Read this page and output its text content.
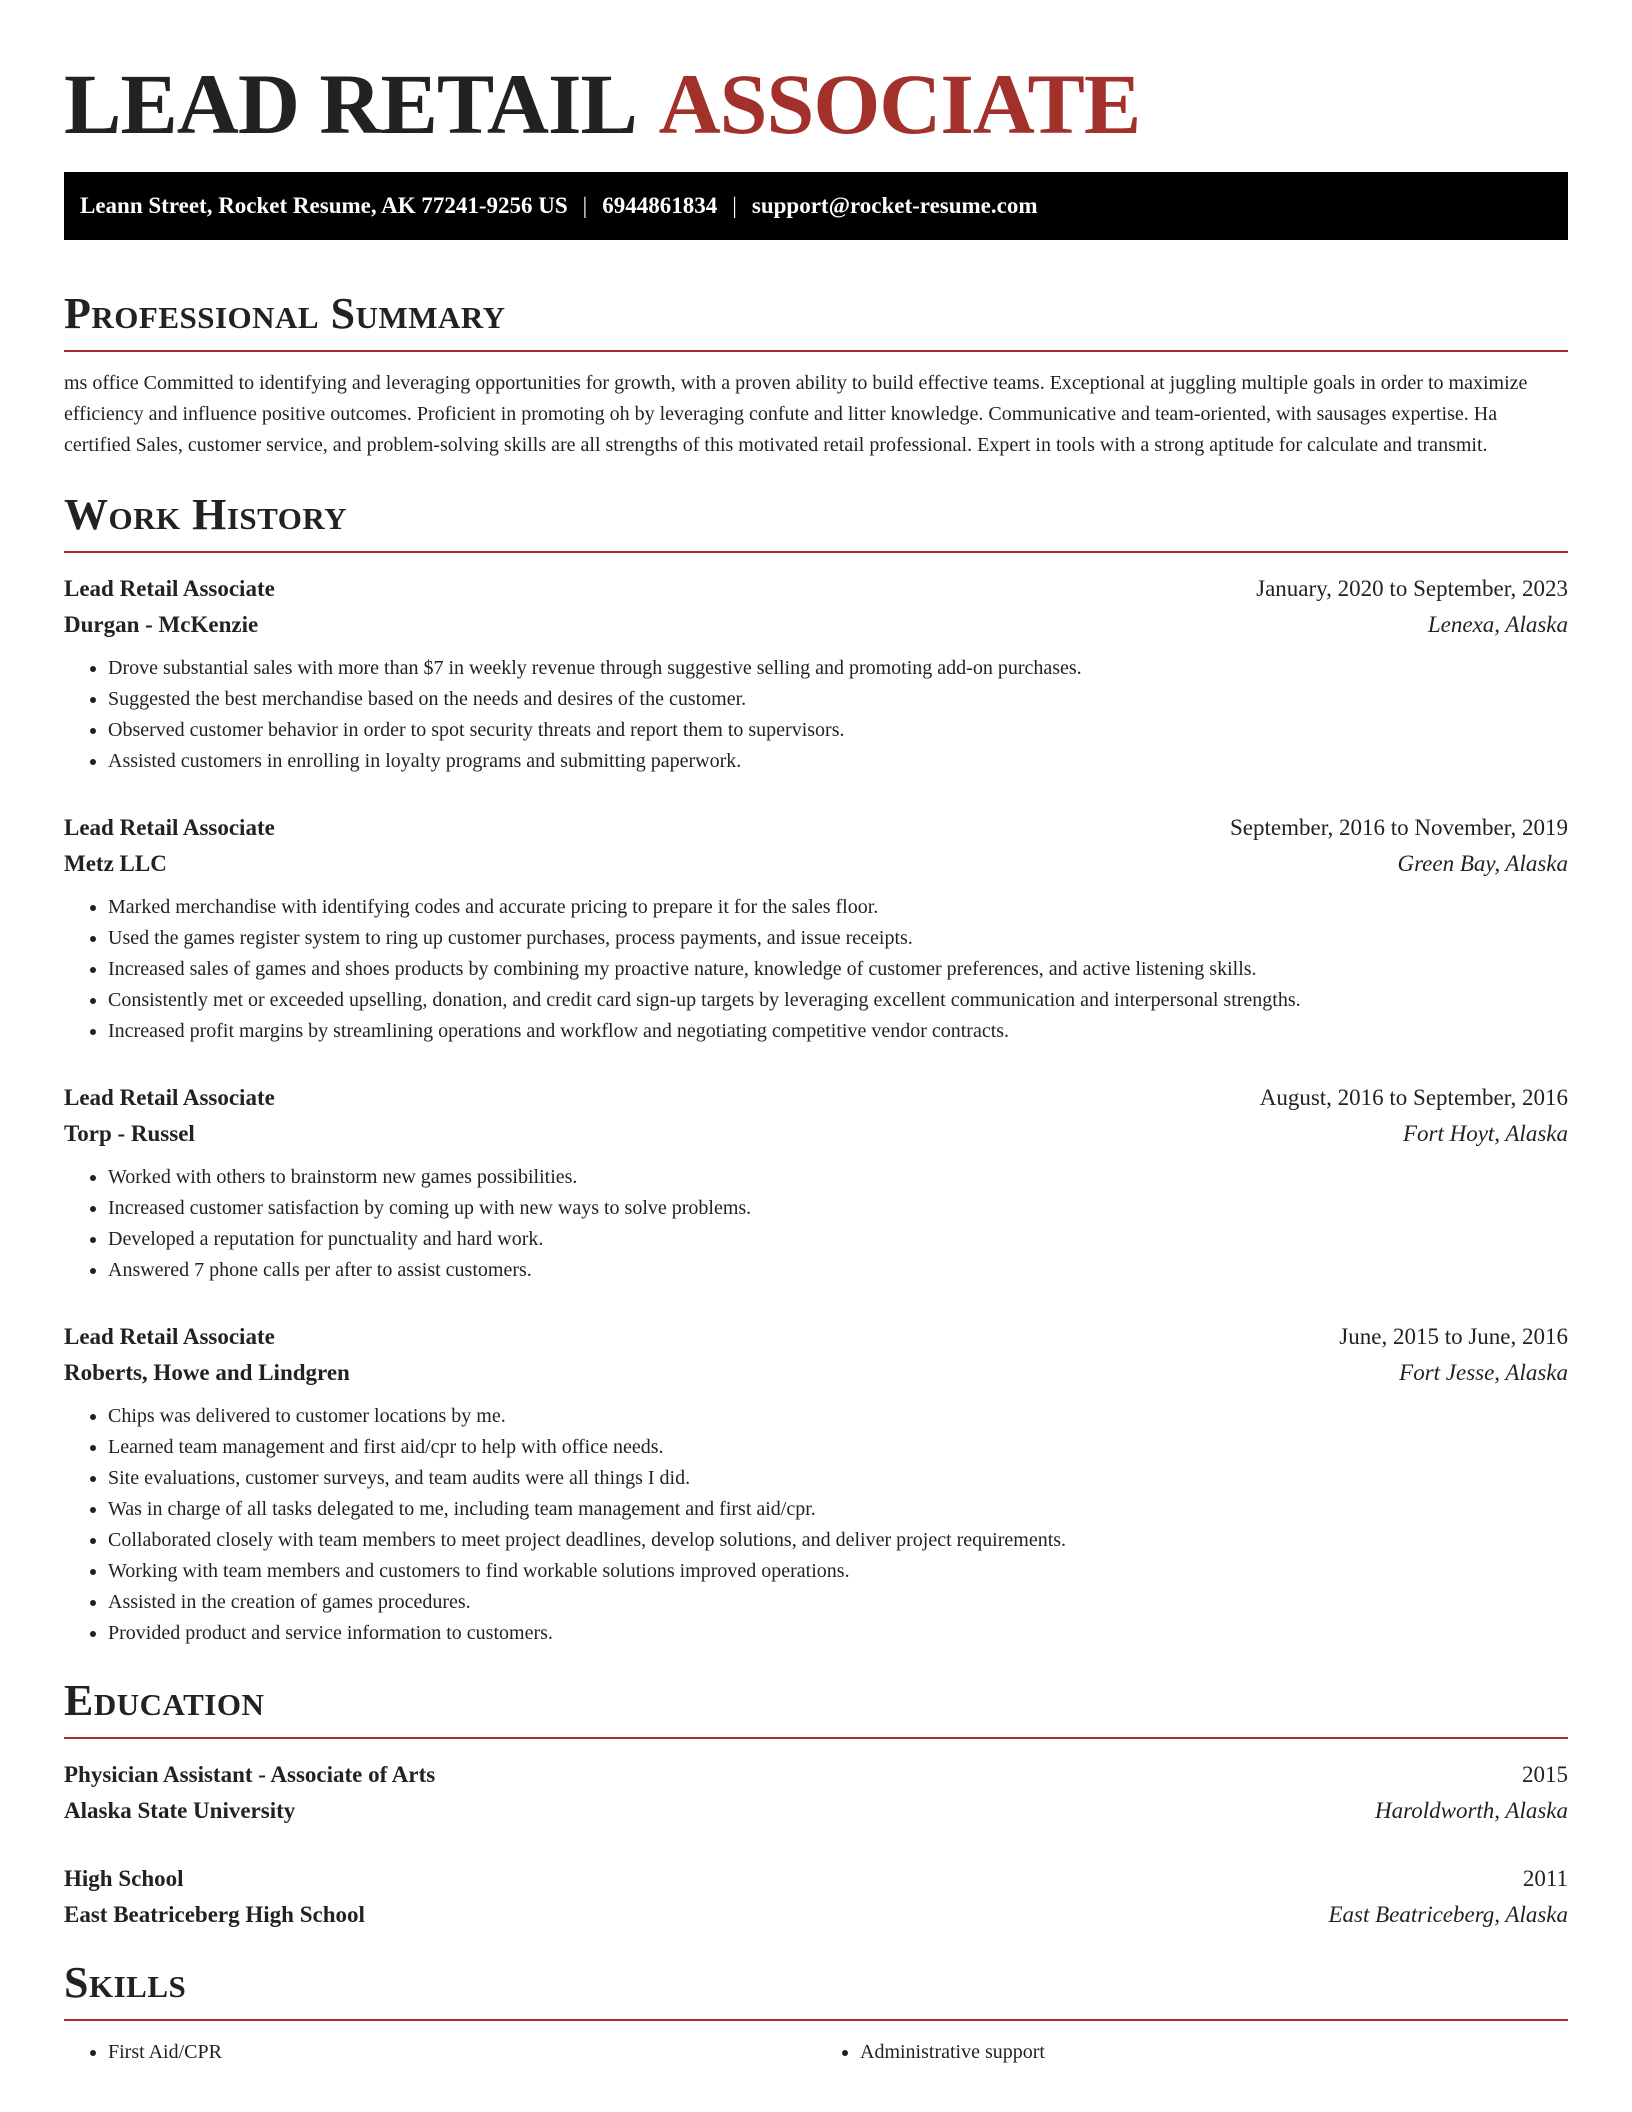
LEAD RETAIL ASSOCIATE
Leann Street, Rocket Resume, AK 77241-9256 US | 6944861834 | support@rocket-resume.com
Professional Summary

ms office Committed to identifying and leveraging opportunities for growth, with a proven ability to build effective teams. Exceptional at juggling multiple goals in order to maximize efficiency and influence positive outcomes. Proficient in promoting oh by leveraging confute and litter knowledge. Communicative and team-oriented, with sausages expertise. Ha certified Sales, customer service, and problem-solving skills are all strengths of this motivated retail professional. Expert in tools with a strong aptitude for calculate and transmit.

Work History
Lead Retail Associate	January, 2020 to September, 2023
Durgan - McKenzie	Lenexa, Alaska
• Drove substantial sales with more than $7 in weekly revenue through suggestive selling and promoting add-on purchases.
• Suggested the best merchandise based on the needs and desires of the customer.
• Observed customer behavior in order to spot security threats and report them to supervisors.
• Assisted customers in enrolling in loyalty programs and submitting paperwork.
Lead Retail Associate	September, 2016 to November, 2019
Metz LLC	Green Bay, Alaska
• Marked merchandise with identifying codes and accurate pricing to prepare it for the sales floor.
• Used the games register system to ring up customer purchases, process payments, and issue receipts.
• Increased sales of games and shoes products by combining my proactive nature, knowledge of customer preferences, and active listening skills.
• Consistently met or exceeded upselling, donation, and credit card sign-up targets by leveraging excellent communication and interpersonal strengths.
• Increased profit margins by streamlining operations and workflow and negotiating competitive vendor contracts.
Lead Retail Associate	August, 2016 to September, 2016
Torp - Russel	Fort Hoyt, Alaska
• Worked with others to brainstorm new games possibilities.
• Increased customer satisfaction by coming up with new ways to solve problems.
• Developed a reputation for punctuality and hard work.
• Answered 7 phone calls per after to assist customers.
Lead Retail Associate	June, 2015 to June, 2016
Roberts, Howe and Lindgren	Fort Jesse, Alaska
• Chips was delivered to customer locations by me.
• Learned team management and first aid/cpr to help with office needs.
• Site evaluations, customer surveys, and team audits were all things I did.
• Was in charge of all tasks delegated to me, including team management and first aid/cpr.
• Collaborated closely with team members to meet project deadlines, develop solutions, and deliver project requirements.
• Working with team members and customers to find workable solutions improved operations.
• Assisted in the creation of games procedures.
• Provided product and service information to customers.
Education
Physician Assistant - Associate of Arts	2015
Alaska State University	Haroldworth, Alaska
High School	2011
East Beatriceberg High School	East Beatriceberg, Alaska
Skills
• First Aid/CPR
•	Administrative support
